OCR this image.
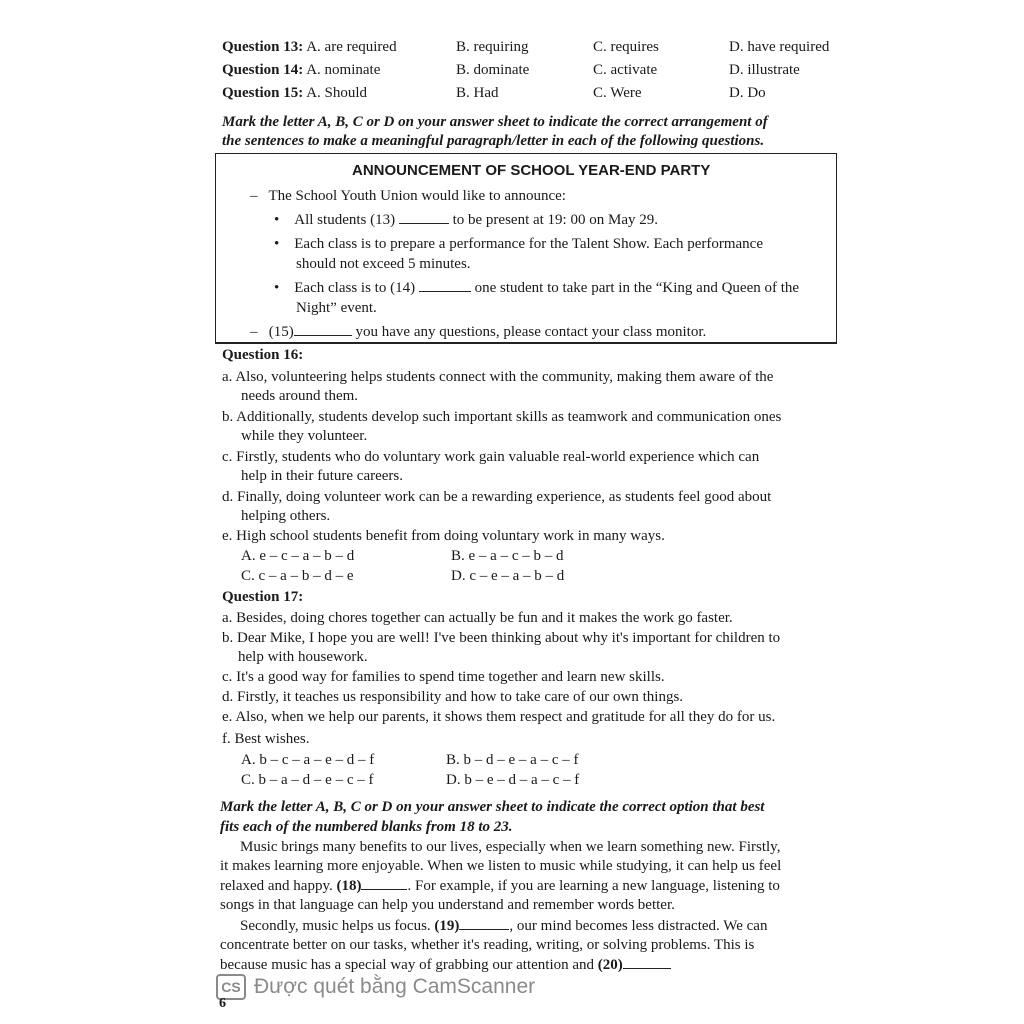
Question 13: A. are required	B. requiring	C. requires	D. have required
Question 14: A. nominate	B. dominate	C. activate	D. illustrate
Question 15: A. Should	B. Had	C. Were	D. Do
Mark the letter A, B, C or D on your answer sheet to indicate the correct arrangement of
the sentences to make a meaningful paragraph/letter in each of the following questions.
ANNOUNCEMENT OF SCHOOL YEAR-END PARTY
–   The School Youth Union would like to announce:
•    All students (13)	to be present at 19: 00 on May 29.
•    Each class is to prepare a performance for the Talent Show. Each performance
should not exceed 5 minutes.
•    Each class is to (14)	one student to take part in the “King and Queen of the
Night” event.
–   (15)	you have any questions, please contact your class monitor.
Question 16:
a. Also, volunteering helps students connect with the community, making them aware of the
needs around them.
b. Additionally, students develop such important skills as teamwork and communication ones
while they volunteer.
c. Firstly, students who do voluntary work gain valuable real-world experience which can
help in their future careers.
d. Finally, doing volunteer work can be a rewarding experience, as students feel good about
helping others.
e. High school students benefit from doing voluntary work in many ways.
A. e – c – a – b – d	B. e – a – c – b – d
C. c – a – b – d – e	D. c – e – a – b – d
Question 17:
a. Besides, doing chores together can actually be fun and it makes the work go faster.
b. Dear Mike, I hope you are well! I've been thinking about why it's important for children to
help with housework.
c. It's a good way for families to spend time together and learn new skills.
d. Firstly, it teaches us responsibility and how to take care of our own things.
e. Also, when we help our parents, it shows them respect and gratitude for all they do for us.
f. Best wishes.
A. b – c – a – e – d – f	B. b – d – e – a – c – f
C. b – a – d – e – c – f	D. b – e – d – a – c – f
Mark the letter A, B, C or D on your answer sheet to indicate the correct option that best
fits each of the numbered blanks from 18 to 23.
Music brings many benefits to our lives, especially when we learn something new. Firstly,
it makes learning more enjoyable. When we listen to music while studying, it can help us feel
relaxed and happy. (18)	. For example, if you are learning a new language, listening to
songs in that language can help you understand and remember words better.
Secondly, music helps us focus. (19)	, our mind becomes less distracted. We can
concentrate better on our tasks, whether it's reading, writing, or solving problems. This is
because music has a special way of grabbing our attention and (20)
CS Được quét bằng CamScanner
6
